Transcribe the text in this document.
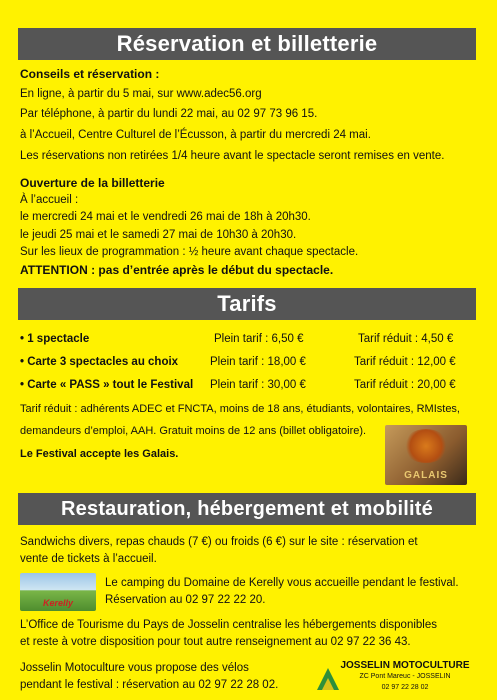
Réservation et billetterie
Conseils et réservation :
En ligne, à partir du 5 mai, sur www.adec56.org
Par téléphone, à partir du lundi 22 mai, au 02 97 73 96 15.
à l’Accueil, Centre Culturel de l’Écusson, à partir du mercredi 24 mai.
Les réservations non retirées 1/4 heure avant le spectacle seront remises en vente.
Ouverture de la billetterie
À l’accueil :
le mercredi 24 mai et le vendredi 26 mai de 18h à 20h30.
le jeudi 25 mai et le samedi 27 mai de 10h30 à 20h30.
Sur les lieux de programmation : ½ heure avant chaque spectacle.
ATTENTION : pas d’entrée après le début du spectacle.
Tarifs
• 1 spectacle	Plein tarif : 6,50 €	Tarif réduit : 4,50 €
• Carte 3 spectacles au choix	Plein tarif : 18,00 €	Tarif réduit : 12,00 €
• Carte « PASS » tout le Festival Plein tarif : 30,00 €	Tarif réduit : 20,00 €
Tarif réduit : adhérents ADEC et FNCTA, moins de 18 ans, étudiants, volontaires, RMIstes,
demandeurs d’emploi, AAH. Gratuit moins de 12 ans (billet obligatoire).
Le Festival accepte les Galais.
GALAIS
Restauration, hébergement et mobilité
Sandwichs divers, repas chauds (7 €) ou froids (6 €) sur le site : réservation et
vente de tickets à l’accueil.
Kerelly
Le camping du Domaine de Kerelly vous accueille pendant le festival.
Réservation au 02 97 22 22 20.
L’Office de Tourisme du Pays de Josselin centralise les hébergements disponibles
et reste à votre disposition pour tout autre renseignement au 02 97 22 36 43.
Josselin Motoculture vous propose des vélos
pendant le festival : réservation au 02 97 22 28 02.
JOSSELIN MOTOCULTURE
ZC Pont Mareuc - JOSSELIN
02 97 22 28 02
